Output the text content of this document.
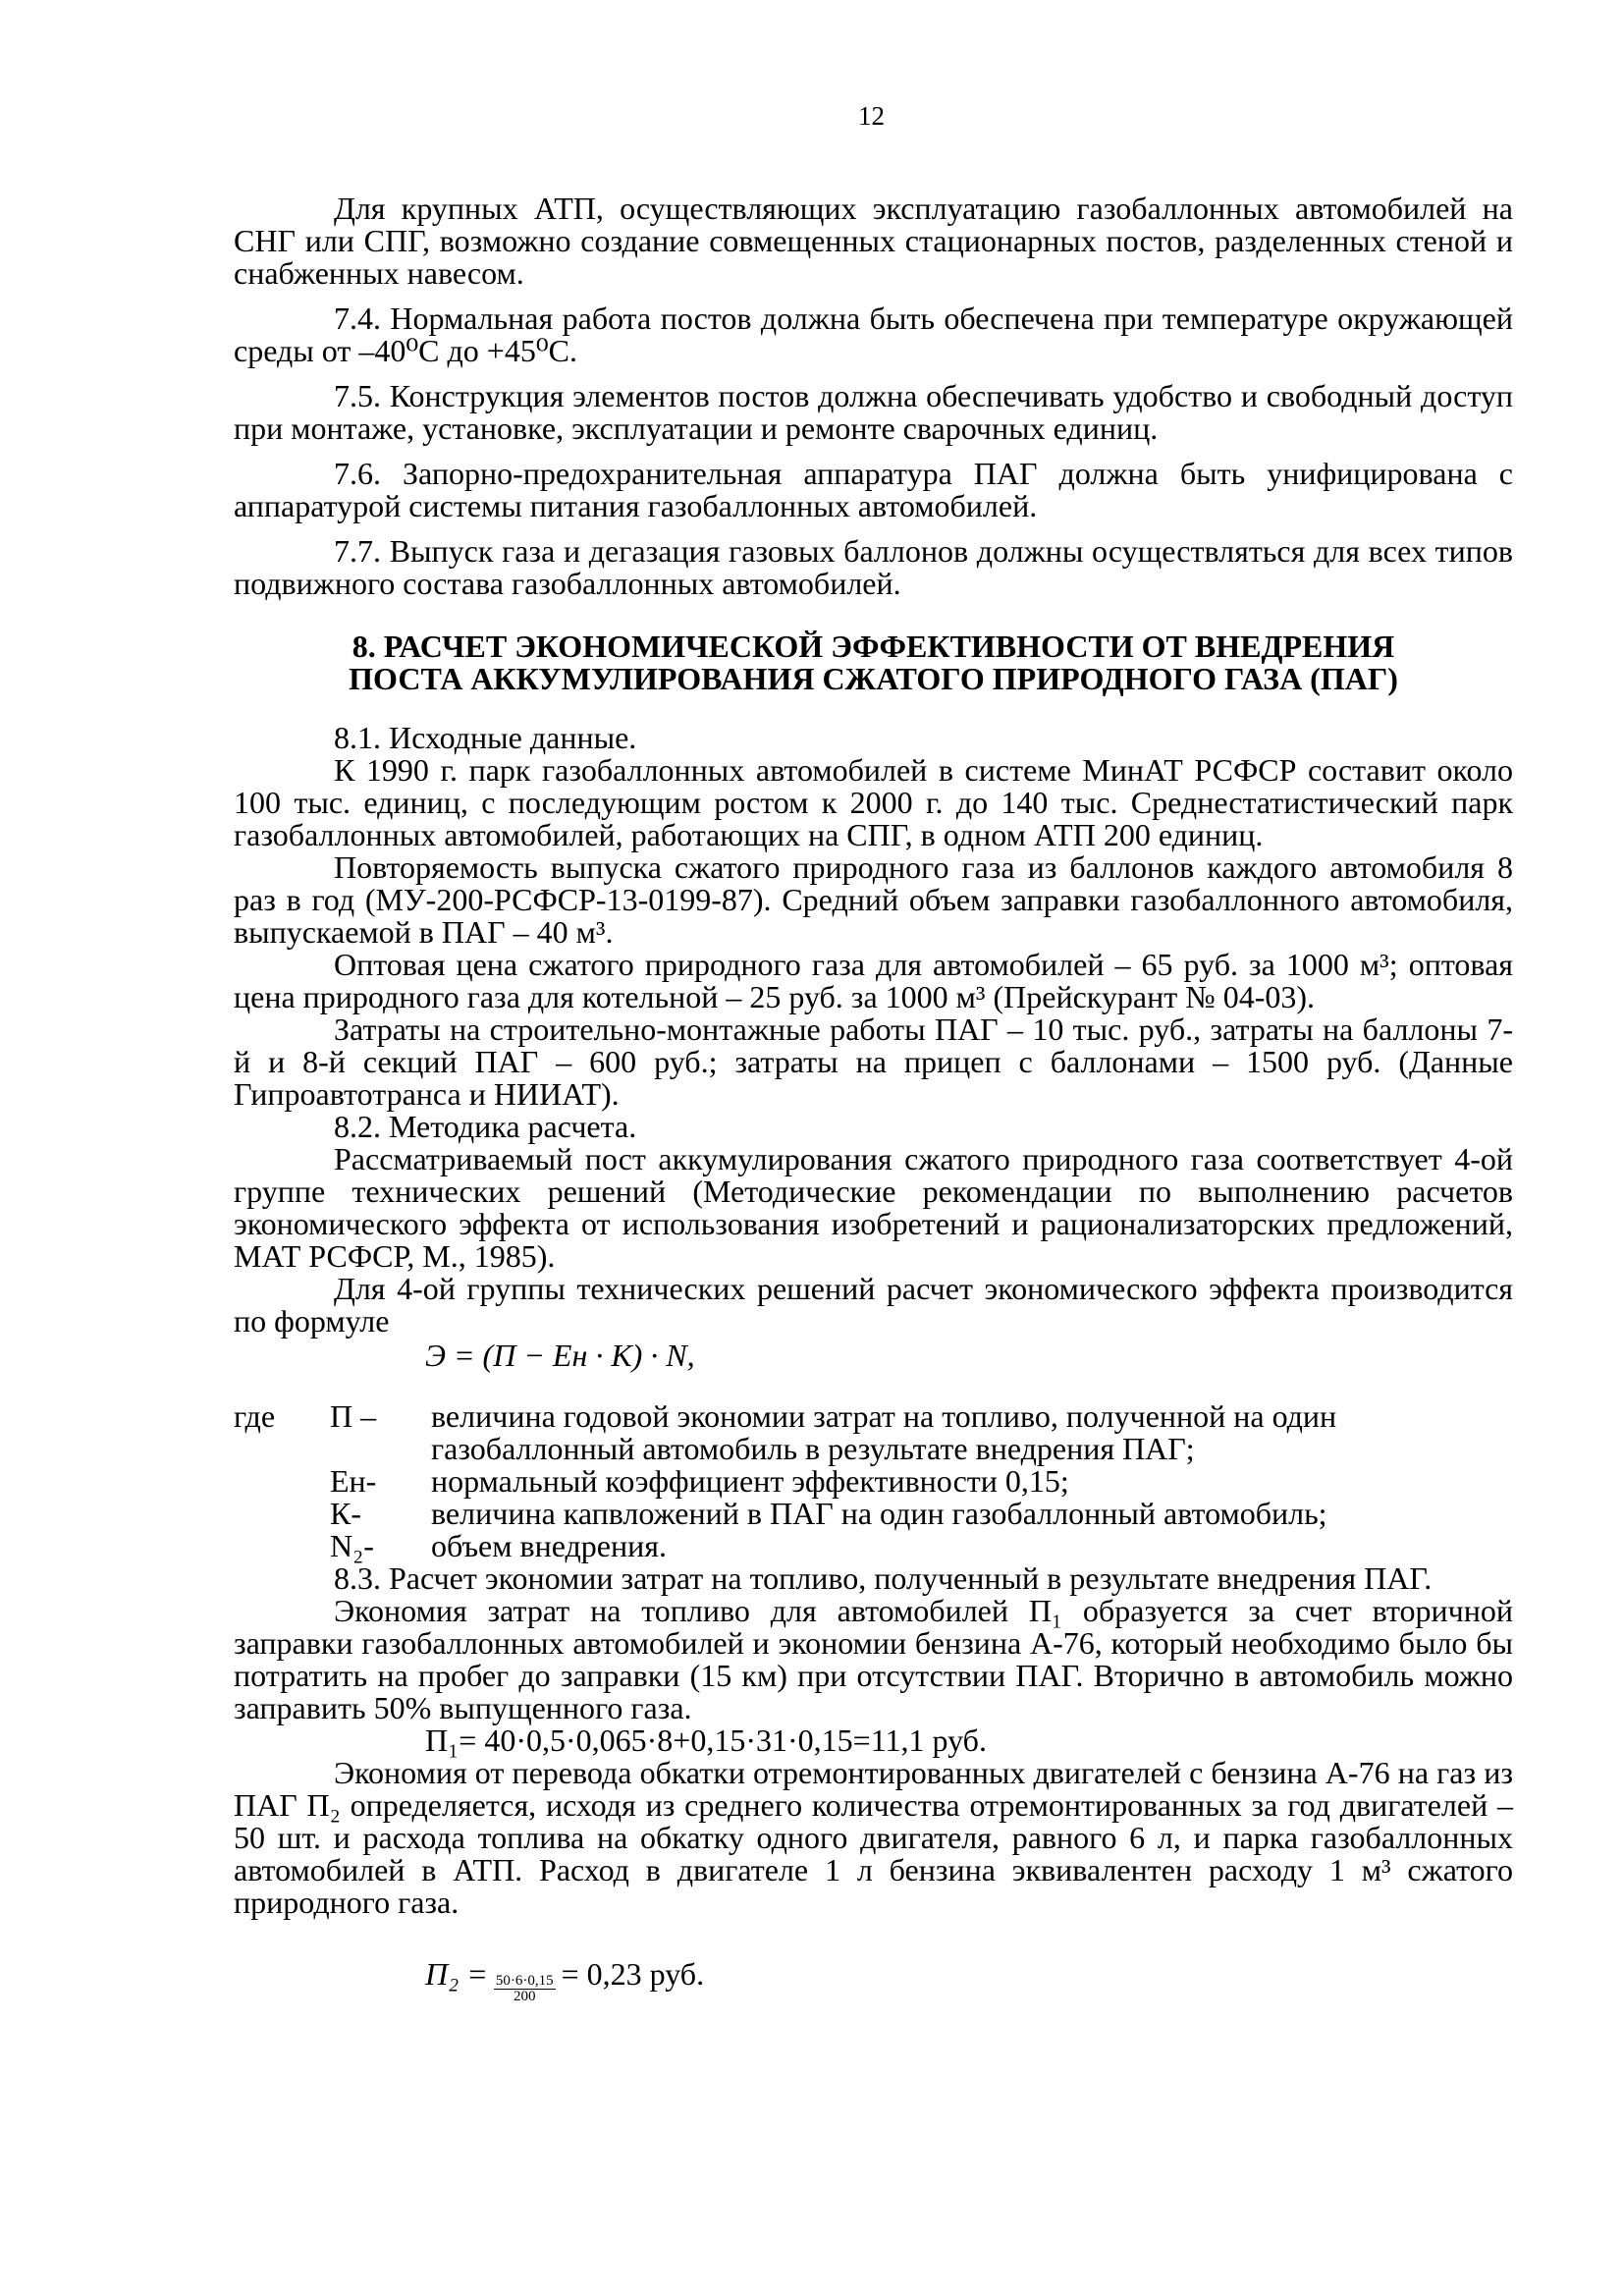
12

Для крупных АТП, осуществляющих эксплуатацию газобаллонных автомобилей на СНГ или СПГ, возможно создание совмещенных стационарных постов, разделенных стеной и снабженных навесом.

7.4. Нормальная работа постов должна быть обеспечена при температуре окружающей среды от –40⁰С до +45⁰С.

7.5. Конструкция элементов постов должна обеспечивать удобство и свободный доступ при монтаже, установке, эксплуатации и ремонте сварочных единиц.

7.6. Запорно-предохранительная аппаратура ПАГ должна быть унифицирована с аппаратурой системы питания газобаллонных автомобилей.

7.7. Выпуск газа и дегазация газовых баллонов должны осуществляться для всех типов подвижного состава газобаллонных автомобилей.

8. РАСЧЕТ ЭКОНОМИЧЕСКОЙ ЭФФЕКТИВНОСТИ ОТ ВНЕДРЕНИЯ
ПОСТА АККУМУЛИРОВАНИЯ СЖАТОГО ПРИРОДНОГО ГАЗА (ПАГ)

8.1. Исходные данные.

К 1990 г. парк газобаллонных автомобилей в системе МинАТ РСФСР составит около 100 тыс. единиц, с последующим ростом к 2000 г. до 140 тыс. Среднестатистический парк газобаллонных автомобилей, работающих на СПГ, в одном АТП 200 единиц.

Повторяемость выпуска сжатого природного газа из баллонов каждого автомобиля 8 раз в год (МУ-200-РСФСР-13-0199-87). Средний объем заправки газобаллонного автомобиля, выпускаемой в ПАГ – 40 м³.

Оптовая цена сжатого природного газа для автомобилей – 65 руб. за 1000 м³; оптовая цена природного газа для котельной – 25 руб. за 1000 м³ (Прейскурант № 04-03).

Затраты на строительно-монтажные работы ПАГ – 10 тыс. руб., затраты на баллоны 7-й и 8-й секций ПАГ – 600 руб.; затраты на прицеп с баллонами – 1500 руб. (Данные Гипроавтотранса и НИИАТ).

8.2. Методика расчета.

Рассматриваемый пост аккумулирования сжатого природного газа соответствует 4-ой группе технических решений (Методические рекомендации по выполнению расчетов экономического эффекта от использования изобретений и рационализаторских предложений, МАТ РСФСР, М., 1985).

Для 4-ой группы технических решений расчет экономического эффекта производится по формуле

Э = (П − Eн · К) · N,
где	П –	величина годовой экономии затрат на топливо, полученной на один газобаллонный автомобиль в результате внедрения ПАГ;
	Ен-	нормальный коэффициент эффективности 0,15;
	К-	величина капвложений в ПАГ на один газобаллонный автомобиль;
	N₂-	объем внедрения.

8.3. Расчет экономии затрат на топливо, полученный в результате внедрения ПАГ.

Экономия затрат на топливо для автомобилей П₁ образуется за счет вторичной заправки газобаллонных автомобилей и экономии бензина А-76, который необходимо было бы потратить на пробег до заправки (15 км) при отсутствии ПАГ. Вторично в автомобиль можно заправить 50% выпущенного газа.

П₁= 40·0,5·0,065·8+0,15·31·0,15=11,1 руб.

Экономия от перевода обкатки отремонтированных двигателей с бензина А-76 на газ из ПАГ П₂ определяется, исходя из среднего количества отремонтированных за год двигателей – 50 шт. и расхода топлива на обкатку одного двигателя, равного 6 л, и парка газобаллонных автомобилей в АТП. Расход в двигателе 1 л бензина эквивалентен расходу 1 м³ сжатого природного газа.

$П_2 = \frac{50\cdot 6\cdot 0,15}{200} = 0,23$ руб.
